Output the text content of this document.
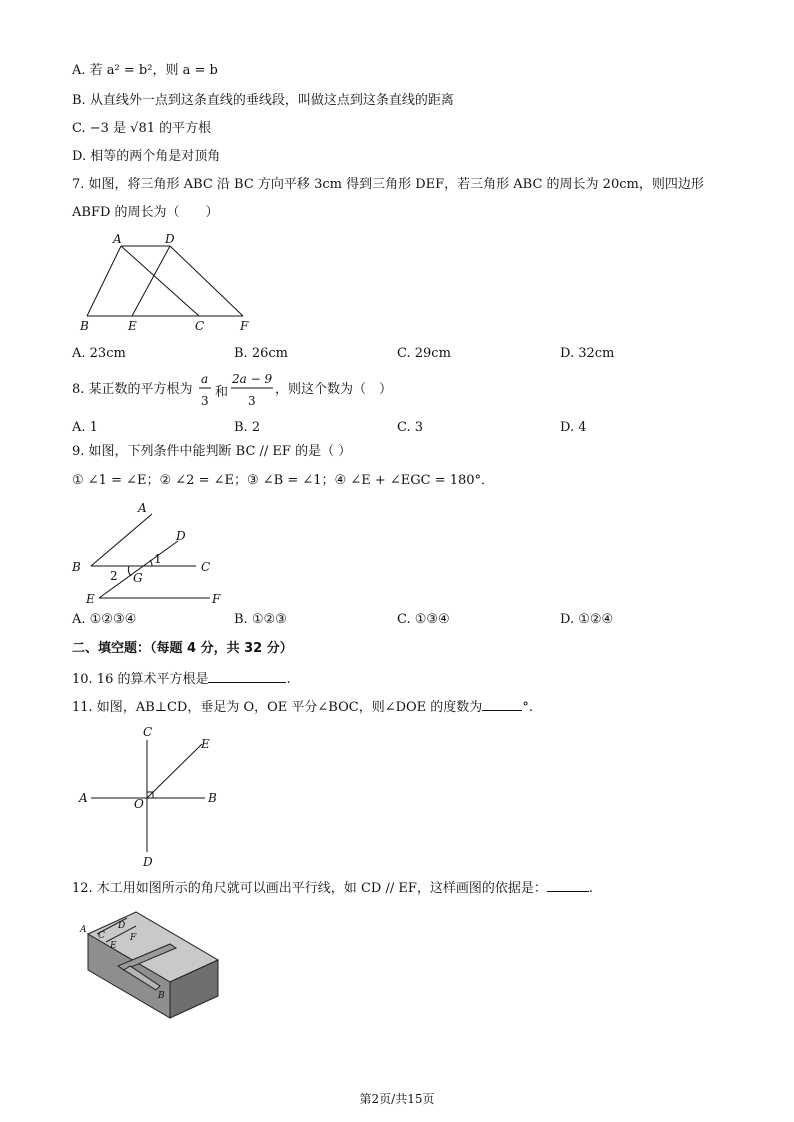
A. 若 a² = b²，则 a = b
B. 从直线外一点到这条直线的垂线段，叫做这点到这条直线的距离
C. −3 是 √81 的平方根
D. 相等的两个角是对顶角
7. 如图，将三角形 ABC 沿 BC 方向平移 3cm 得到三角形 DEF，若三角形 ABC 的周长为 20cm，则四边形
ABFD 的周长为（　　）
A	D
B	E	C	F
A. 23cm	B. 26cm	C. 29cm	D. 32cm
8. 某正数的平方根为
a
3
和
2a − 9
3
，则这个数为（　）
A. 1	B. 2	C. 3	D. 4
9. 如图，下列条件中能判断 BC // EF 的是（ ）
① ∠1 = ∠E；② ∠2 = ∠E；③ ∠B = ∠1；④ ∠E + ∠EGC = 180°．
A
D
B	C
E	F
G
1
2
A. ①②③④	B. ①②③	C. ①③④	D. ①②④
二、填空题：（每题 4 分，共 32 分）
10. 16 的算术平方根是	.
11. 如图，AB⊥CD，垂足为 O，OE 平分∠BOC，则∠DOE 的度数为	°.
C
E
A	B
O
D
12. 木工用如图所示的角尺就可以画出平行线，如 CD // EF，这样画图的依据是：	.
A
C
D
E
F
B
第2页/共15页
